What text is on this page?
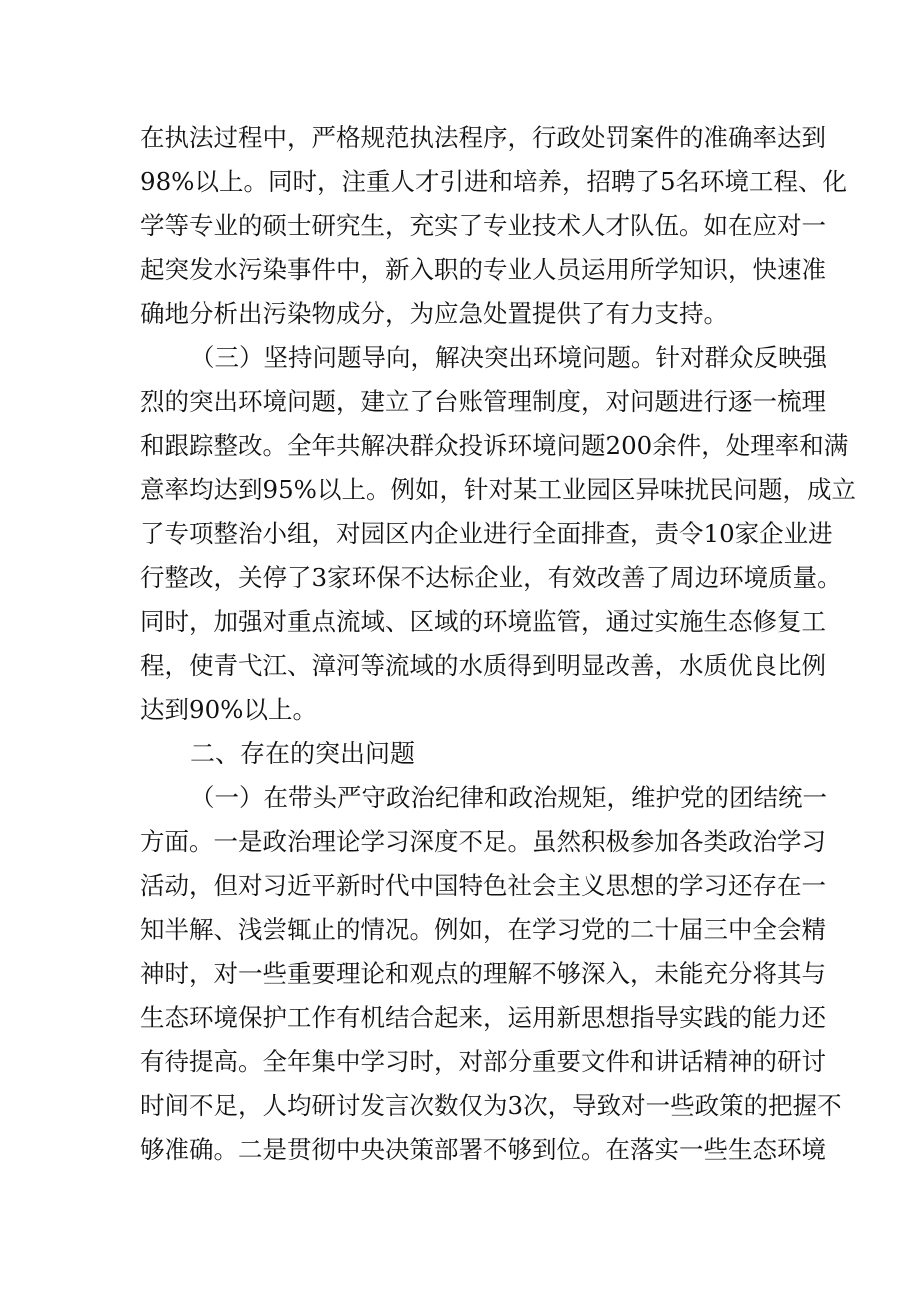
在执法过程中，严格规范执法程序，行政处罚案件的准确率达到
98%以上。同时，注重人才引进和培养，招聘了5名环境工程、化
学等专业的硕士研究生，充实了专业技术人才队伍。如在应对一
起突发水污染事件中，新入职的专业人员运用所学知识，快速准
确地分析出污染物成分，为应急处置提供了有力支持。
（三）坚持问题导向，解决突出环境问题。针对群众反映强
烈的突出环境问题，建立了台账管理制度，对问题进行逐一梳理
和跟踪整改。全年共解决群众投诉环境问题200余件，处理率和满
意率均达到95%以上。例如，针对某工业园区异味扰民问题，成立
了专项整治小组，对园区内企业进行全面排查，责令10家企业进
行整改，关停了3家环保不达标企业，有效改善了周边环境质量。
同时，加强对重点流域、区域的环境监管，通过实施生态修复工
程，使青弋江、漳河等流域的水质得到明显改善，水质优良比例
达到90%以上。
二、存在的突出问题
（一）在带头严守政治纪律和政治规矩，维护党的团结统一
方面。一是政治理论学习深度不足。虽然积极参加各类政治学习
活动，但对习近平新时代中国特色社会主义思想的学习还存在一
知半解、浅尝辄止的情况。例如，在学习党的二十届三中全会精
神时，对一些重要理论和观点的理解不够深入，未能充分将其与
生态环境保护工作有机结合起来，运用新思想指导实践的能力还
有待提高。全年集中学习时，对部分重要文件和讲话精神的研讨
时间不足，人均研讨发言次数仅为3次，导致对一些政策的把握不
够准确。二是贯彻中央决策部署不够到位。在落实一些生态环境
